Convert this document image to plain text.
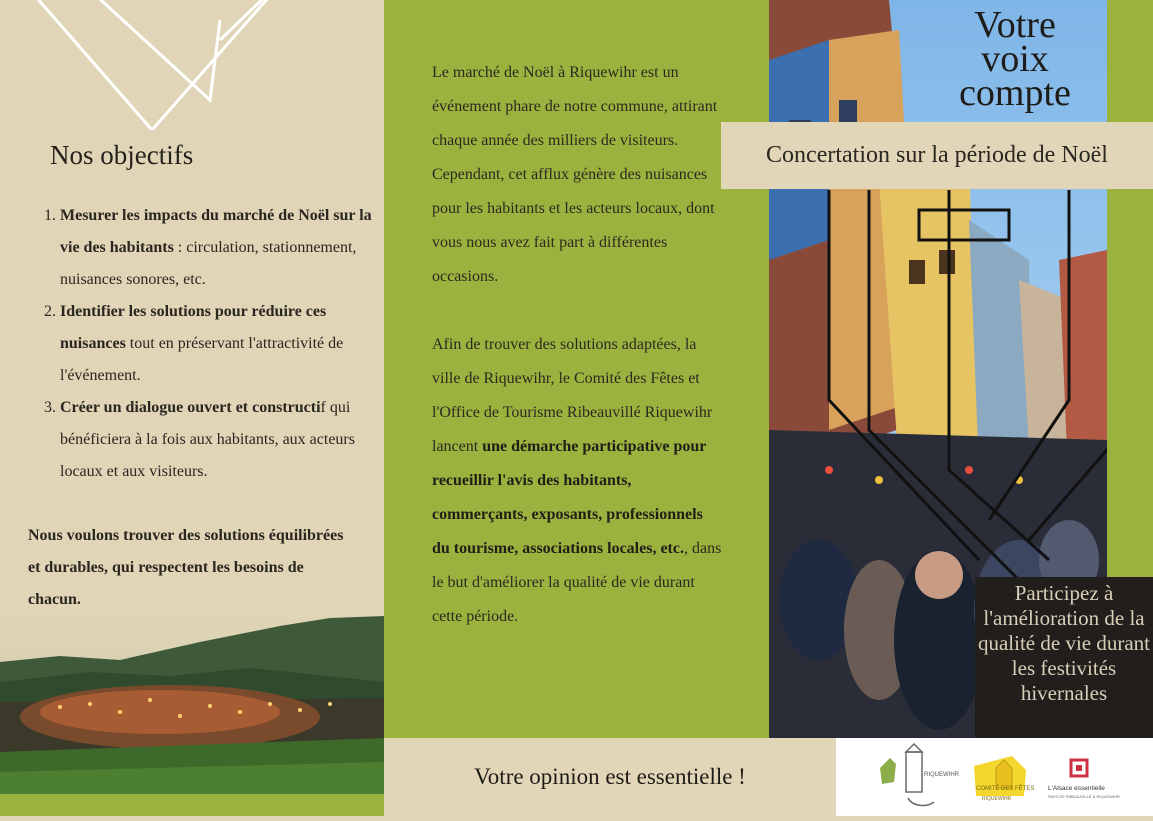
Nos objectifs
1. Mesurer les impacts du marché de Noël sur la vie des habitants : circulation, stationnement, nuisances sonores, etc.
2. Identifier les solutions pour réduire ces nuisances tout en préservant l'attractivité de l'événement.
3. Créer un dialogue ouvert et constructif qui bénéficiera à la fois aux habitants, aux acteurs locaux et aux visiteurs.

Nous voulons trouver des solutions équilibrées et durables, qui respectent les besoins de chacun.

Le marché de Noël à Riquewihr est un événement phare de notre commune, attirant chaque année des milliers de visiteurs. Cependant, cet afflux génère des nuisances pour les habitants et les acteurs locaux, dont vous nous avez fait part à différentes occasions.

Afin de trouver des solutions adaptées, la ville de Riquewihr, le Comité des Fêtes et l'Office de Tourisme Ribeauvillé Riquewihr lancent une démarche participative pour recueillir l'avis des habitants, commerçants, exposants, professionnels du tourisme, associations locales, etc., dans le but d'améliorer la qualité de vie durant cette période.

Votre
voix
compte
Concertation sur la période de Noël
Participez à l'amélioration de la qualité de vie durant les festivités hivernales
Votre opinion est essentielle !	RIQUEWIHR
COMITÉ DES FÊTES
RIQUEWIHR
L'Alsace essentielle
PAYS DE RIBEAUVILLÉ & RIQUEWIHR
